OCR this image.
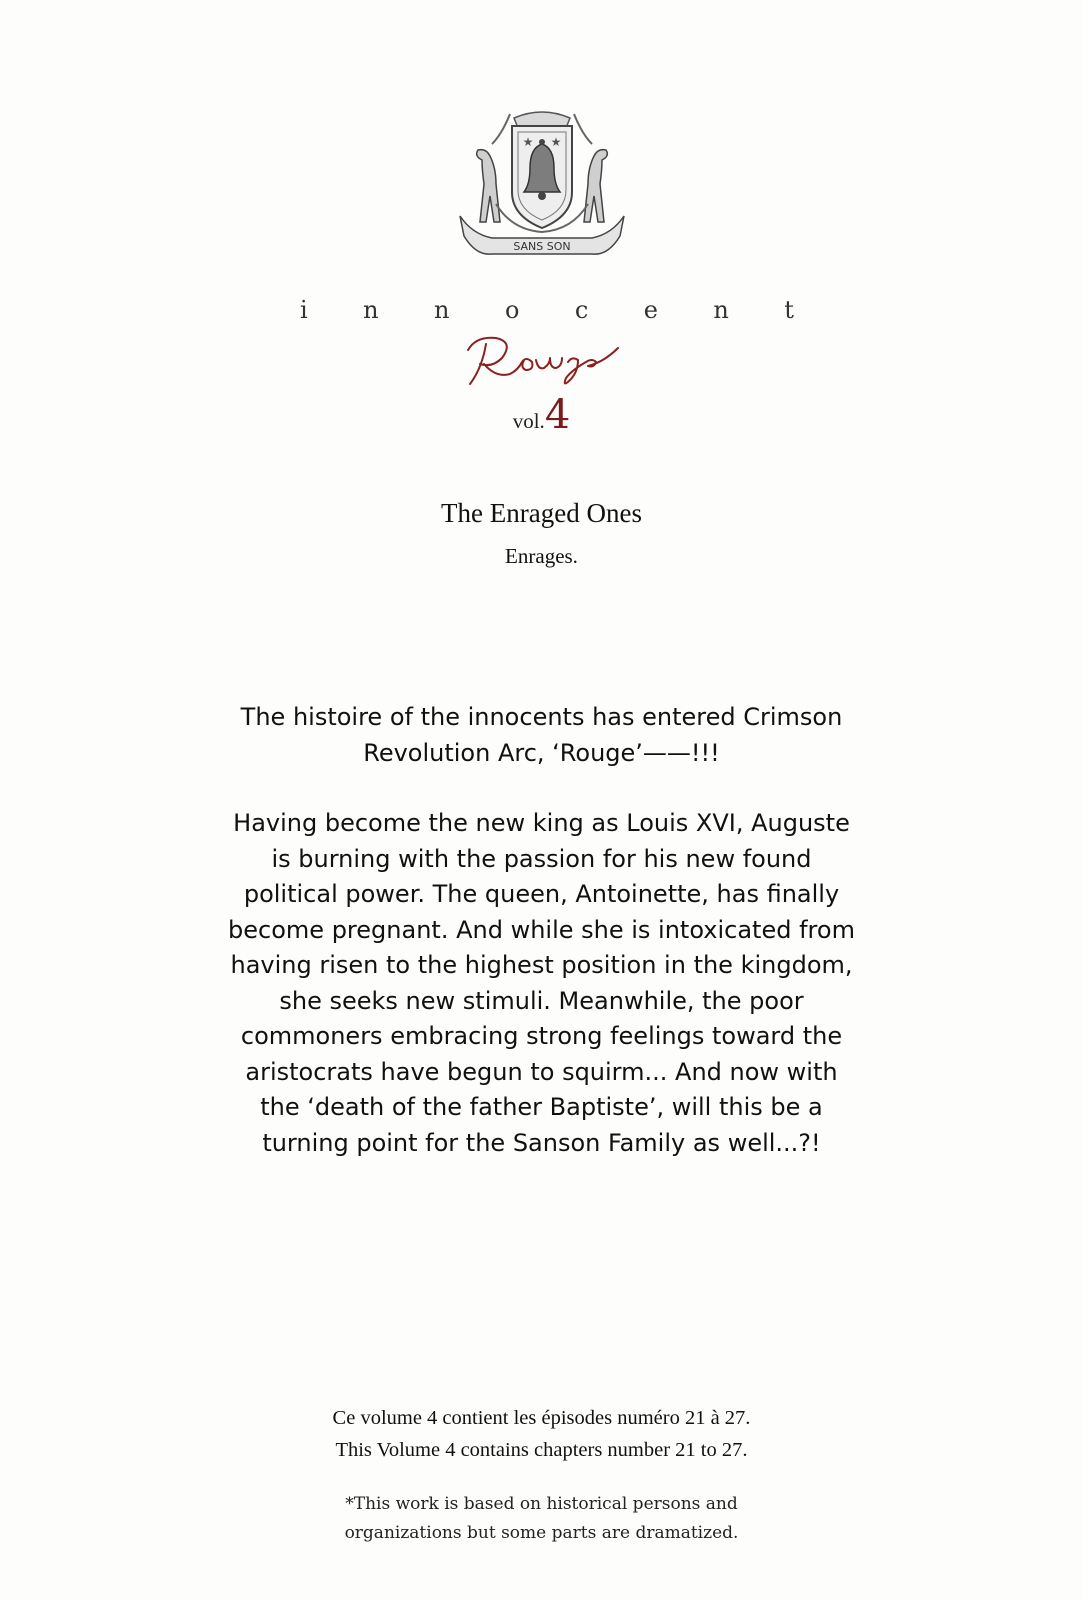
★ ★
SANS SON
i n n o c e n t
vol.4
The Enraged Ones
Enrages.

The histoire of the innocents has entered Crimson
Revolution Arc, ‘Rouge’——!!!

Having become the new king as Louis XVI, Auguste
is burning with the passion for his new found
political power. The queen, Antoinette, has finally
become pregnant. And while she is intoxicated from
having risen to the highest position in the kingdom,
she seeks new stimuli. Meanwhile, the poor
commoners embracing strong feelings toward the
aristocrats have begun to squirm... And now with
the ‘death of the father Baptiste’, will this be a
turning point for the Sanson Family as well...?!

Ce volume 4 contient les épisodes numéro 21 à 27.
This Volume 4 contains chapters number 21 to 27.
*This work is based on historical persons and
organizations but some parts are dramatized.
